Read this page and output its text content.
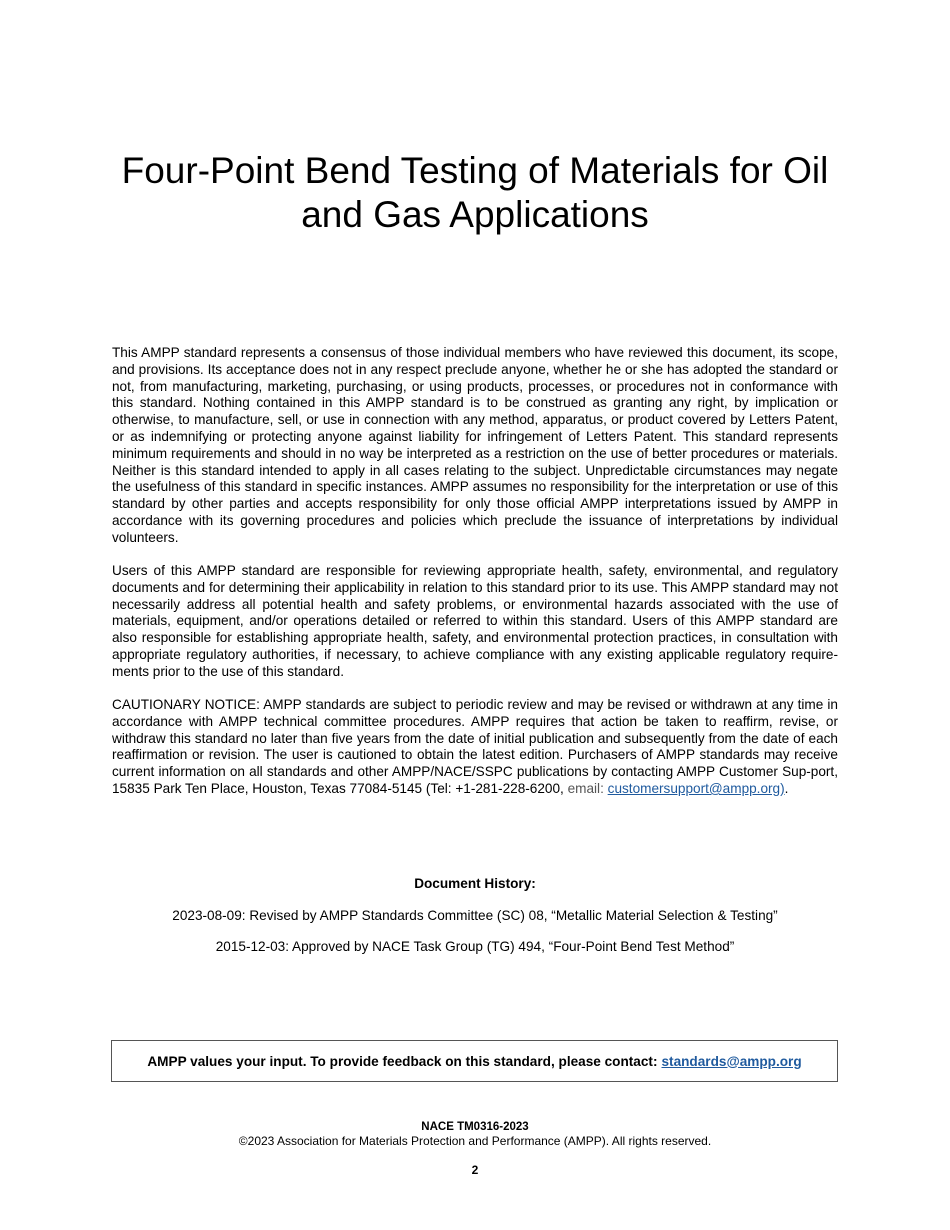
Four-Point Bend Testing of Materials for Oil
and Gas Applications

This AMPP standard represents a consensus of those individual members who have reviewed this document, its scope, and provisions. Its acceptance does not in any respect preclude anyone, whether he or she has adopted the standard or not, from manufacturing, marketing, purchasing, or using products, processes, or procedures not in conformance with this standard. Nothing contained in this AMPP standard is to be construed as granting any right, by implication or otherwise, to manufacture, sell, or use in connection with any method, apparatus, or product covered by Letters Patent, or as indemnifying or protecting anyone against liability for infringement of Letters Patent. This standard represents minimum requirements and should in no way be interpreted as a restriction on the use of better procedures or materials. Neither is this standard intended to apply in all cases relating to the subject. Unpredictable circumstances may negate the usefulness of this standard in specific instances. AMPP assumes no responsibility for the interpretation or use of this standard by other parties and accepts responsibility for only those official AMPP interpretations issued by AMPP in accordance with its governing procedures and policies which preclude the issuance of interpretations by individual volunteers.

Users of this AMPP standard are responsible for reviewing appropriate health, safety, environmental, and regulatory documents and for determining their applicability in relation to this standard prior to its use. This AMPP standard may not necessarily address all potential health and safety problems, or environmental hazards associated with the use of materials, equipment, and/or operations detailed or referred to within this standard. Users of this AMPP standard are also responsible for establishing appropriate health, safety, and environmental protection practices, in consultation with appropriate regulatory authorities, if necessary, to achieve compliance with any existing applicable regulatory require-ments prior to the use of this standard.

CAUTIONARY NOTICE: AMPP standards are subject to periodic review and may be revised or withdrawn at any time in accordance with AMPP technical committee procedures. AMPP requires that action be taken to reaffirm, revise, or withdraw this standard no later than five years from the date of initial publication and subsequently from the date of each reaffirmation or revision. The user is cautioned to obtain the latest edition. Purchasers of AMPP standards may receive current information on all standards and other AMPP/NACE/SSPC publications by contacting AMPP Customer Sup-port, 15835 Park Ten Place, Houston, Texas 77084-5145 (Tel: +1-281-228-6200, email: customersupport@ampp.org).

Document History:

2023-08-09: Revised by AMPP Standards Committee (SC) 08, “Metallic Material Selection & Testing”

2015-12-03: Approved by NACE Task Group (TG) 494, “Four-Point Bend Test Method”

AMPP values your input. To provide feedback on this standard, please contact: standards@ampp.org

NACE TM0316-2023

©2023 Association for Materials Protection and Performance (AMPP). All rights reserved.

2
